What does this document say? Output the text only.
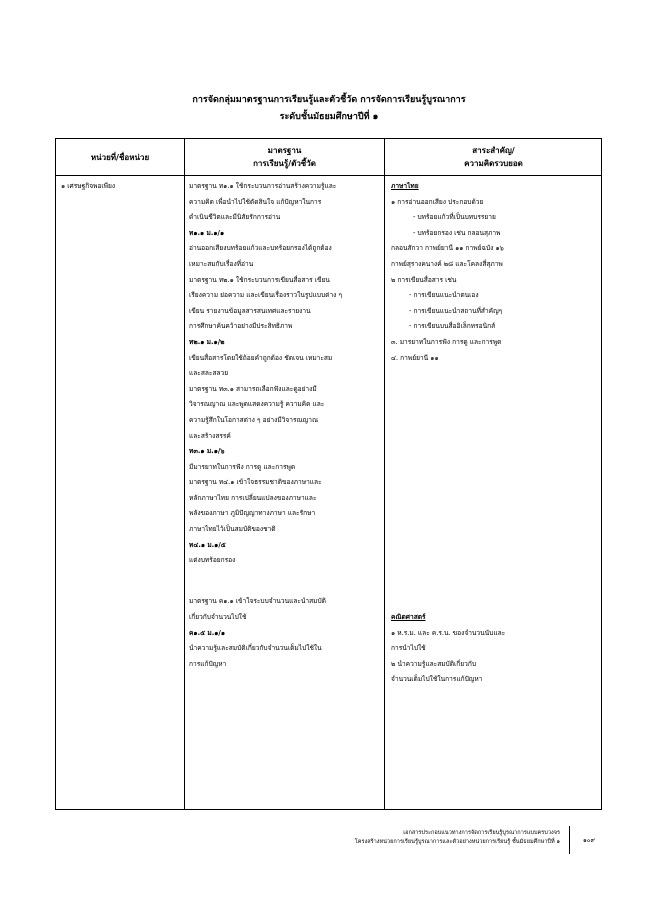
การจัดกลุ่มมาตรฐานการเรียนรู้และตัวชี้วัด การจัดการเรียนรู้บูรณาการ
ระดับชั้นมัธยมศึกษาปีที่ ๑
หน่วยที่/ชื่อหน่วย
มาตรฐาน
การเรียนรู้/ตัวชี้วัด
สาระสำคัญ/
ความคิดรวบยอด
๑ เศรษฐกิจพอเพียง	มาตรฐาน ท๑.๑ ใช้กระบวนการอ่านสร้างความรู้และ
ความคิด เพื่อนำไปใช้ตัดสินใจ แก้ปัญหาในการ
ดำเนินชีวิตและมีนิสัยรักการอ่าน
ท๑.๑ ม.๑/๑
อ่านออกเสียงบทร้อยแก้วและบทร้อยกรองได้ถูกต้อง
เหมาะสมกับเรื่องที่อ่าน
มาตรฐาน ท๒.๑ ใช้กระบวนการเขียนสื่อสาร เขียน
เรียงความ ย่อความ และเขียนเรื่องราวในรูปแบบต่าง ๆ
เขียน รายงานข้อมูลสารสนเทศและรายงาน
การศึกษาค้นคว้าอย่างมีประสิทธิภาพ
ท๒.๑ ม.๑/๒
เขียนสื่อสารโดยใช้ถ้อยคำถูกต้อง ชัดเจน เหมาะสม
และสละสลวย
มาตรฐาน ท๓.๑ สามารถเลือกฟังและดูอย่างมี
วิจารณญาณ และพูดแสดงความรู้ ความคิด และ
ความรู้สึกในโอกาสต่าง ๆ อย่างมีวิจารณญาณ
และสร้างสรรค์
ท๓.๑ ม.๑/๖
มีมารยาทในการฟัง การดู และการพูด
มาตรฐาน ท๔.๑ เข้าใจธรรมชาติของภาษาและ
หลักภาษาไทย การเปลี่ยนแปลงของภาษาและ
พลังของภาษา ภูมิปัญญาทางภาษา และรักษา
ภาษาไทยไว้เป็นสมบัติของชาติ
ท๔.๑ ม.๑/๕
แต่งบทร้อยกรอง
มาตรฐาน ค๑.๑ เข้าใจระบบจำนวนและนำสมบัติ
เกี่ยวกับจำนวนไปใช้
ค๑.๕ ม.๑/๑
นำความรู้และสมบัติเกี่ยวกับจำนวนเต็มไปใช้ใน
การแก้ปัญหา
ภาษาไทย
๑ การอ่านออกเสียง ประกอบด้วย
- บทร้อยแก้วที่เป็นบทบรรยาย
- บทร้อยกรอง เช่น กลอนสุภาพ
กลอนสักวา กาพย์ยานี ๑๑ กาพย์ฉบัง ๑๖
กาพย์สุรางคนางค์ ๒๘ และโคลงสี่สุภาพ
๒ การเขียนสื่อสาร เช่น
- การเขียนแนะนำตนเอง
- การเขียนแนะนำสถานที่สำคัญๆ
- การเขียนบนสื่ออิเล็กทรอนิกส์
๓. มารยาทในการฟัง การดู และการพูด
๔. กาพย์ยานี ๑๑
คณิตศาสตร์
๑ ห.ร.ม. และ ค.ร.น. ของจำนวนนับและ
การนำไปใช้
๒ นำความรู้และสมบัติเกี่ยวกับ
จำนวนเต็มไปใช้ในการแก้ปัญหา
เอกสารประกอบแนวทางการจัดการเรียนรู้บูรณาการแบบครบวงจร
โครงสร้างหน่วยการเรียนรู้บูรณาการและตัวอย่างหน่วยการเรียนรู้ ชั้นมัธยมศึกษาปีที่ ๑	๑๐๙
